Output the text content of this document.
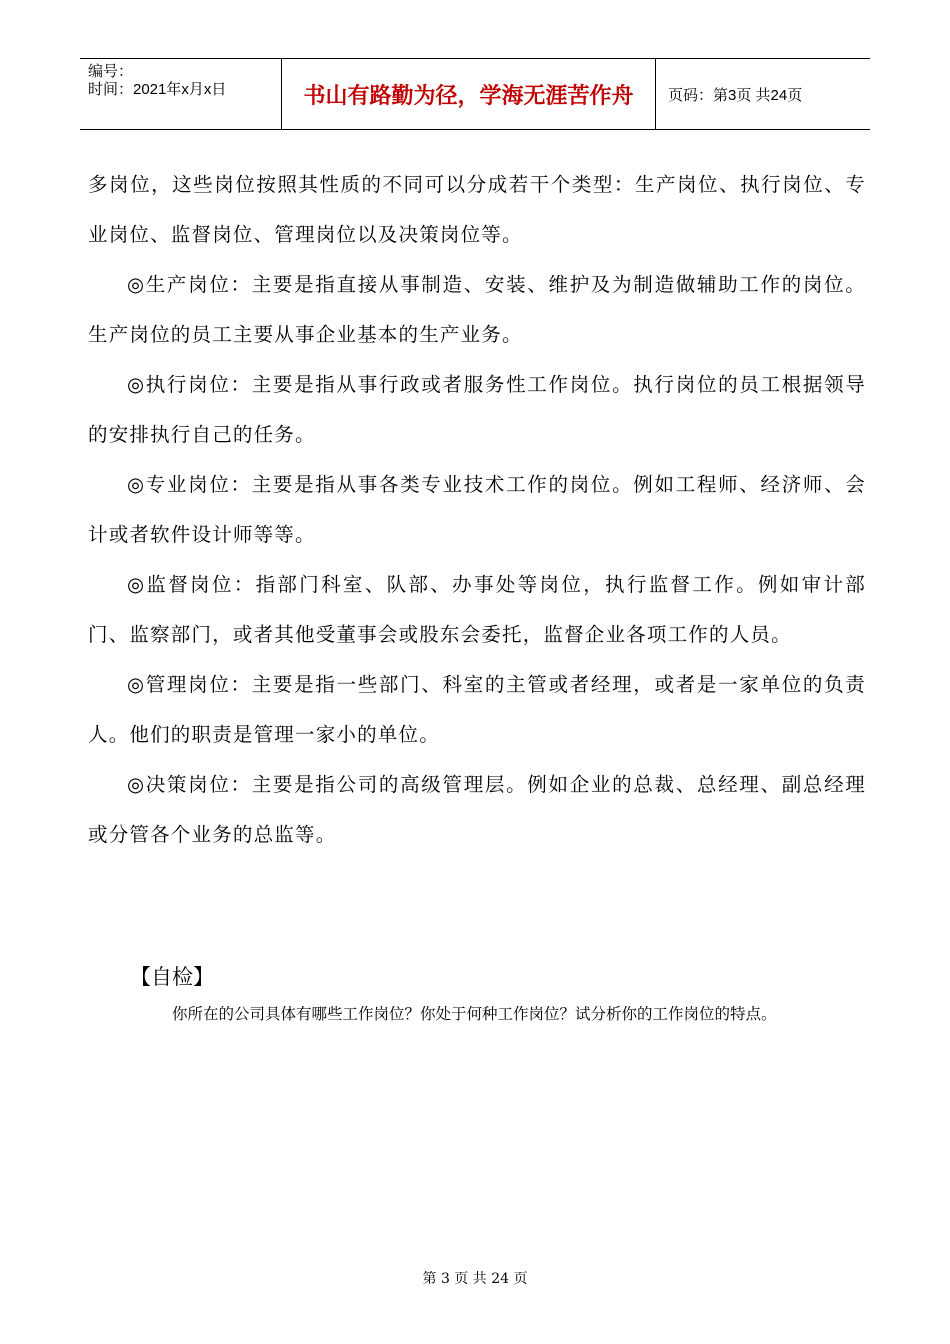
编号：
时间：2021年x月x日	书山有路勤为径，学海无涯苦作舟	页码：第3页 共24页

多岗位，这些岗位按照其性质的不同可以分成若干个类型：生产岗位、执行岗位、专业岗位、监督岗位、管理岗位以及决策岗位等。

◎生产岗位：主要是指直接从事制造、安装、维护及为制造做辅助工作的岗位。生产岗位的员工主要从事企业基本的生产业务。

◎执行岗位：主要是指从事行政或者服务性工作岗位。执行岗位的员工根据领导的安排执行自己的任务。

◎专业岗位：主要是指从事各类专业技术工作的岗位。例如工程师、经济师、会计或者软件设计师等等。

◎监督岗位：指部门科室、队部、办事处等岗位，执行监督工作。例如审计部门、监察部门，或者其他受董事会或股东会委托，监督企业各项工作的人员。

◎管理岗位：主要是指一些部门、科室的主管或者经理，或者是一家单位的负责人。他们的职责是管理一家小的单位。

◎决策岗位：主要是指公司的高级管理层。例如企业的总裁、总经理、副总经理或分管各个业务的总监等。

【自检】
你所在的公司具体有哪些工作岗位？你处于何种工作岗位？试分析你的工作岗位的特点。
第 3 页 共 24 页
